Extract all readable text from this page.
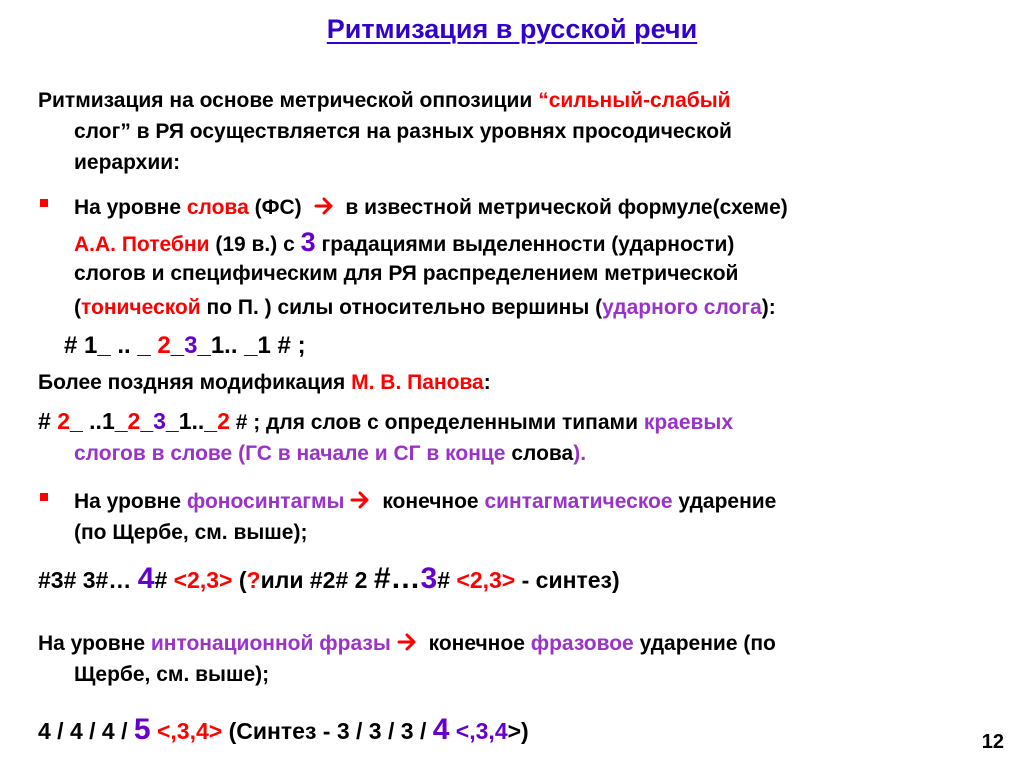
Ритмизация в русской речи
Ритмизация на основе метрической оппозиции “сильный-слабый
слог” в РЯ осуществляется на разных уровнях просодической
иерархии:
На уровне слова (ФС)  в известной метрической формуле(схеме)
А.А. Потебни (19 в.) с 3 градациями выделенности (ударности)
слогов и специфическим для РЯ распределением метрической
(тонической по П. ) силы относительно вершины (ударного слога):
# 1_ .. _ 2_3_1.. _1 # ;
Более поздняя модификация М. В. Панова:
# 2_ ..1_2_3_1.._2 # ; для слов с определенными типами краевых
слогов в слове (ГС в начале и СГ в конце слова).
На уровне фоносинтагмы конечное синтагматическое ударение
(по Щербе, см. выше);
#3# 3#… 4# <2,3> (?или #2# 2 #…3# <2,3> - синтез)
На уровне интонационной фразы конечное фразовое ударение (по
Щербе, см. выше);
4 / 4 / 4 / 5 <,3,4> (Синтез - 3 / 3 / 3 / 4 <,3,4>)	12
